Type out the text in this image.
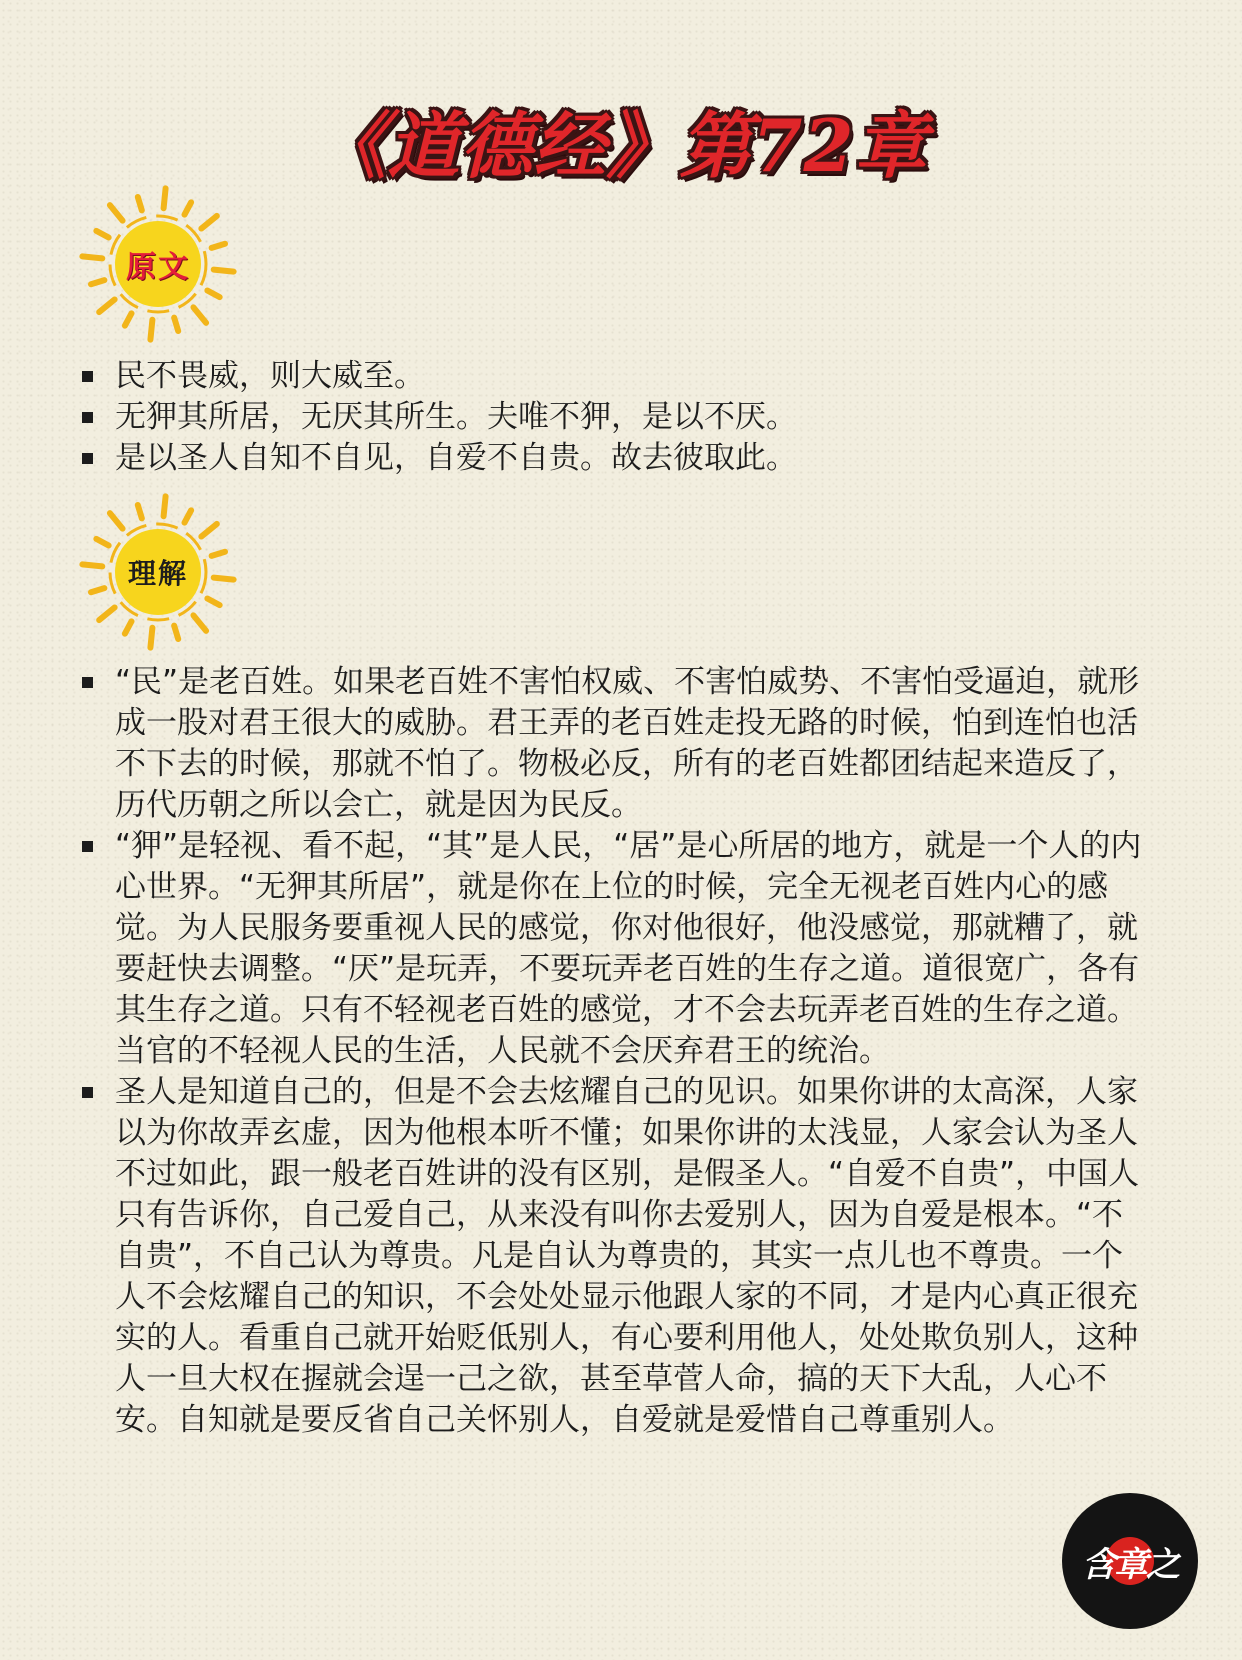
《道德经》第72章
原文
民不畏威，则大威至。
无狎其所居，无厌其所生。夫唯不狎，是以不厌。
是以圣人自知不自见，自爱不自贵。故去彼取此。
理解
“民”是老百姓。如果老百姓不害怕权威、不害怕威势、不害怕受逼迫，就形成一股对君王很大的威胁。君王弄的老百姓走投无路的时候，怕到连怕也活不下去的时候，那就不怕了。物极必反，所有的老百姓都团结起来造反了，历代历朝之所以会亡，就是因为民反。
“狎”是轻视、看不起，“其”是人民，“居”是心所居的地方，就是一个人的内心世界。“无狎其所居”，就是你在上位的时候，完全无视老百姓内心的感觉。为人民服务要重视人民的感觉，你对他很好，他没感觉，那就糟了，就要赶快去调整。“厌”是玩弄，不要玩弄老百姓的生存之道。道很宽广，各有其生存之道。只有不轻视老百姓的感觉，才不会去玩弄老百姓的生存之道。当官的不轻视人民的生活，人民就不会厌弃君王的统治。
圣人是知道自己的，但是不会去炫耀自己的见识。如果你讲的太高深，人家以为你故弄玄虚，因为他根本听不懂；如果你讲的太浅显，人家会认为圣人不过如此，跟一般老百姓讲的没有区别，是假圣人。“自爱不自贵”，中国人只有告诉你，自己爱自己，从来没有叫你去爱别人，因为自爱是根本。“不自贵”，不自己认为尊贵。凡是自认为尊贵的，其实一点儿也不尊贵。一个人不会炫耀自己的知识，不会处处显示他跟人家的不同，才是内心真正很充实的人。看重自己就开始贬低别人，有心要利用他人，处处欺负别人，这种人一旦大权在握就会逞一己之欲，甚至草菅人命，搞的天下大乱，人心不安。自知就是要反省自己关怀别人，自爱就是爱惜自己尊重别人。
含章之
